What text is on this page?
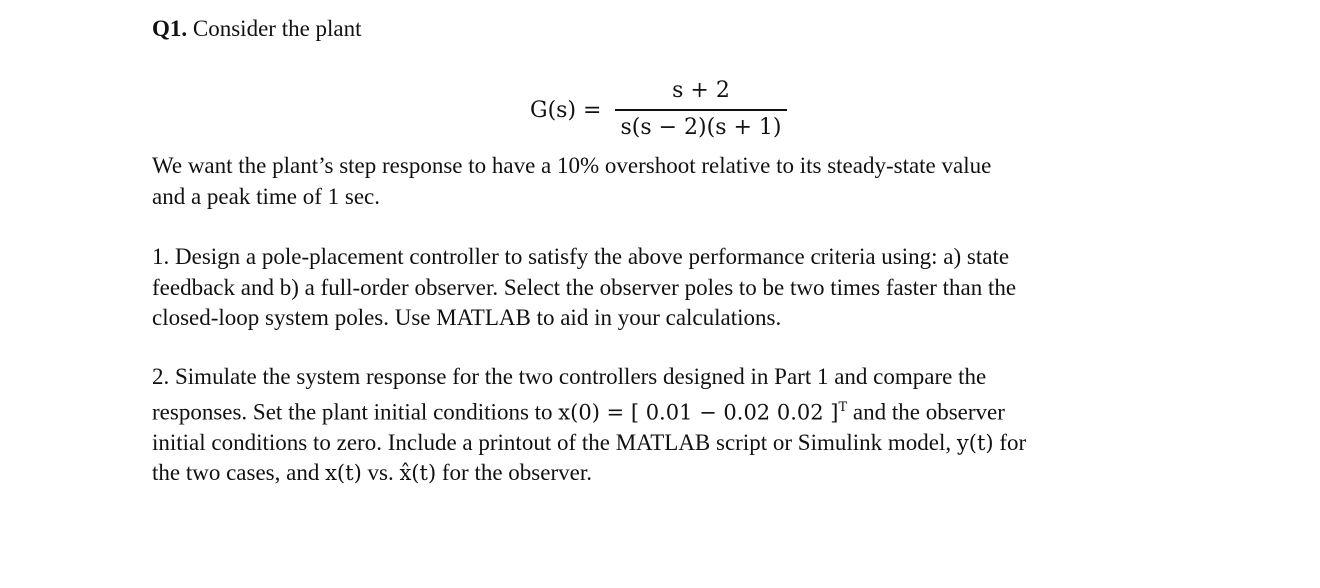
Q1. Consider the plant

G(s) =
s + 2
s(s − 2)(s + 1)

We want the plant’s step response to have a 10% overshoot relative to its steady-state value

and a peak time of 1 sec.

1. Design a pole-placement controller to satisfy the above performance criteria using: a) state

feedback and b) a full-order observer. Select the observer poles to be two times faster than the

closed-loop system poles. Use MATLAB to aid in your calculations.

2. Simulate the system response for the two controllers designed in Part 1 and compare the

responses. Set the plant initial conditions to x(0) = [ 0.01 − 0.02 0.02 ]$^T$ and the observer

initial conditions to zero. Include a printout of the MATLAB script or Simulink model, y(t) for

the two cases, and x(t) vs. x̂(t) for the observer.
